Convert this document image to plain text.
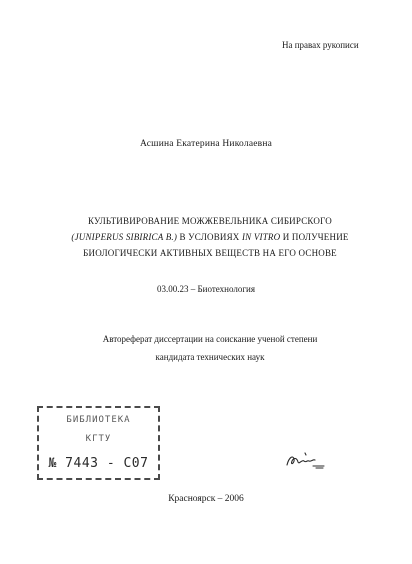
На правах рукописи
Асшина Екатерина Николаевна
КУЛЬТИВИРОВАНИЕ МОЖЖЕВЕЛЬНИКА СИБИРСКОГО
(JUNIPERUS SIBIRICA B.) В УСЛОВИЯХ IN VITRO И ПОЛУЧЕНИЕ
БИОЛОГИЧЕСКИ АКТИВНЫХ ВЕЩЕСТВ НА ЕГО ОСНОВЕ
03.00.23 – Биотехнология
Автореферат диссертации на соискание ученой степени
кандидата технических наук
БИБЛИОТЕКА
КГТУ
№ 7443 - С07
Красноярск – 2006
